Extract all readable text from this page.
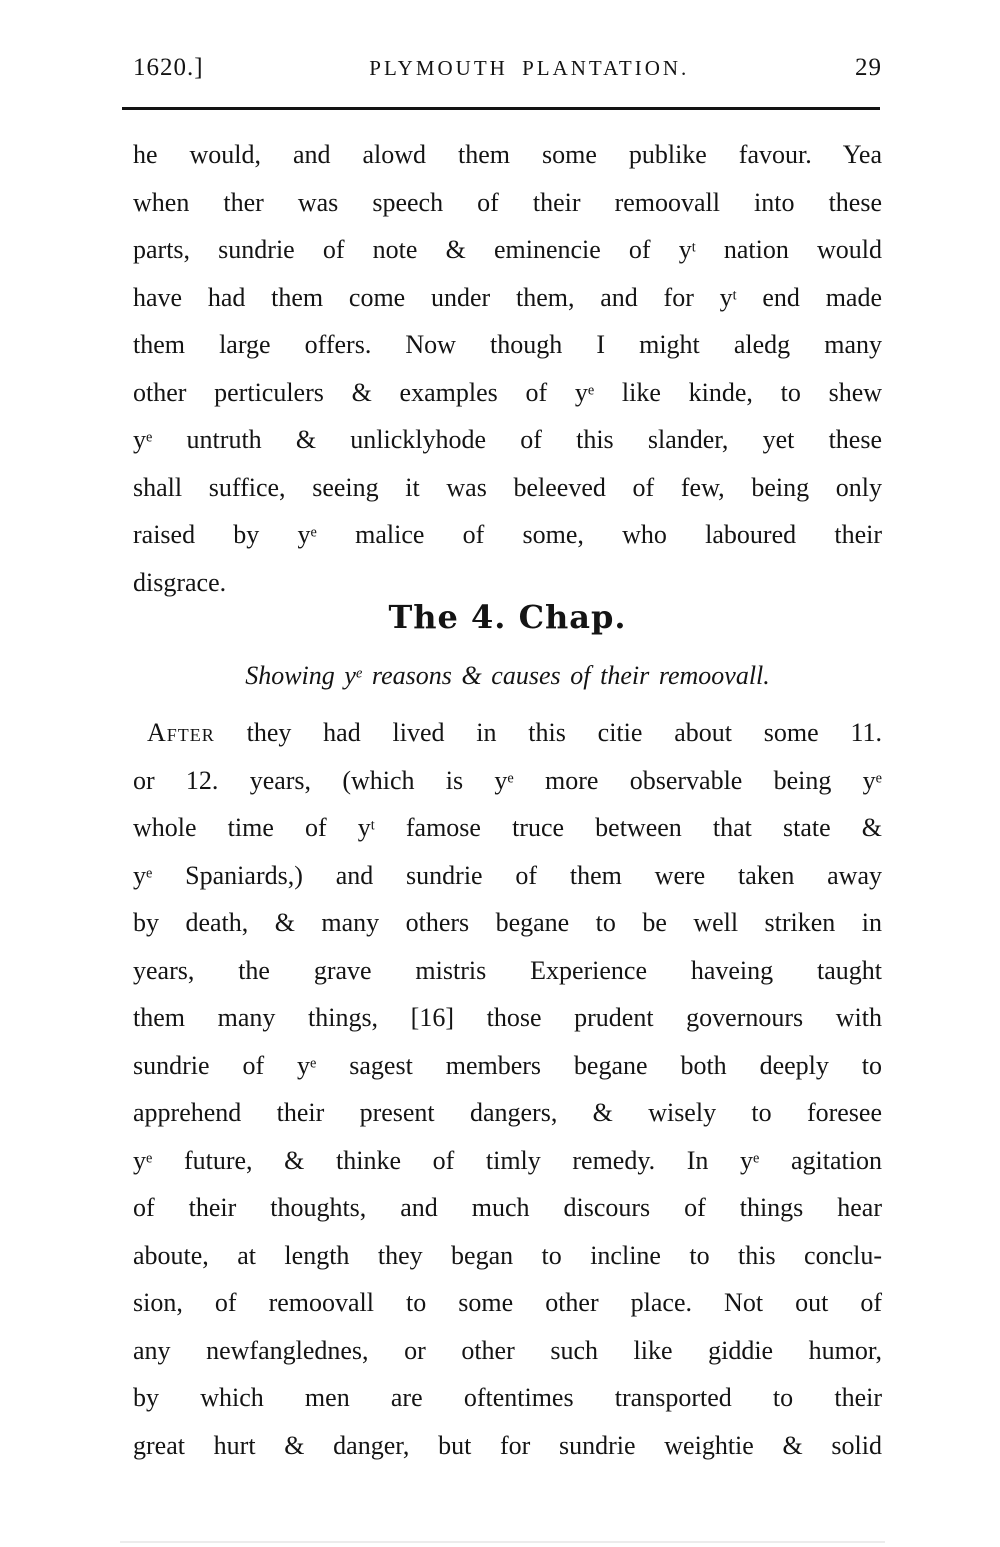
1620.]	PLYMOUTH PLANTATION.	29
he would, and alowd them some publike favour. Yea
when ther was speech of their remoovall into these
parts, sundrie of note & eminencie of $y^t$ nation would
have had them come under them, and for $y^t$ end made
them large offers. Now though I might aledg many
other perticulers & examples of $y^e$ like kinde, to shew
$y^e$ untruth & unlicklyhode of this slander, yet these
shall suffice, seeing it was beleeved of few, being only
raised by $y^e$ malice of some, who laboured their
disgrace.
The 4. Chap.
Showing $y^e$ reasons & causes of their remoovall.
After they had lived in this citie about some 11.
or 12. years, (which is $y^e$ more observable being $y^e$
whole time of $y^t$ famose truce between that state &
$y^e$ Spaniards,) and sundrie of them were taken away
by death, & many others begane to be well striken in
years, the grave mistris Experience haveing taught
them many things, [16] those prudent governours with
sundrie of $y^e$ sagest members begane both deeply to
apprehend their present dangers, & wisely to foresee
$y^e$ future, & thinke of timly remedy. In $y^e$ agitation
of their thoughts, and much discours of things hear
aboute, at length they began to incline to this conclu-
sion, of remoovall to some other place. Not out of
any newfanglednes, or other such like giddie humor,
by which men are oftentimes transported to their
great hurt & danger, but for sundrie weightie & solid
